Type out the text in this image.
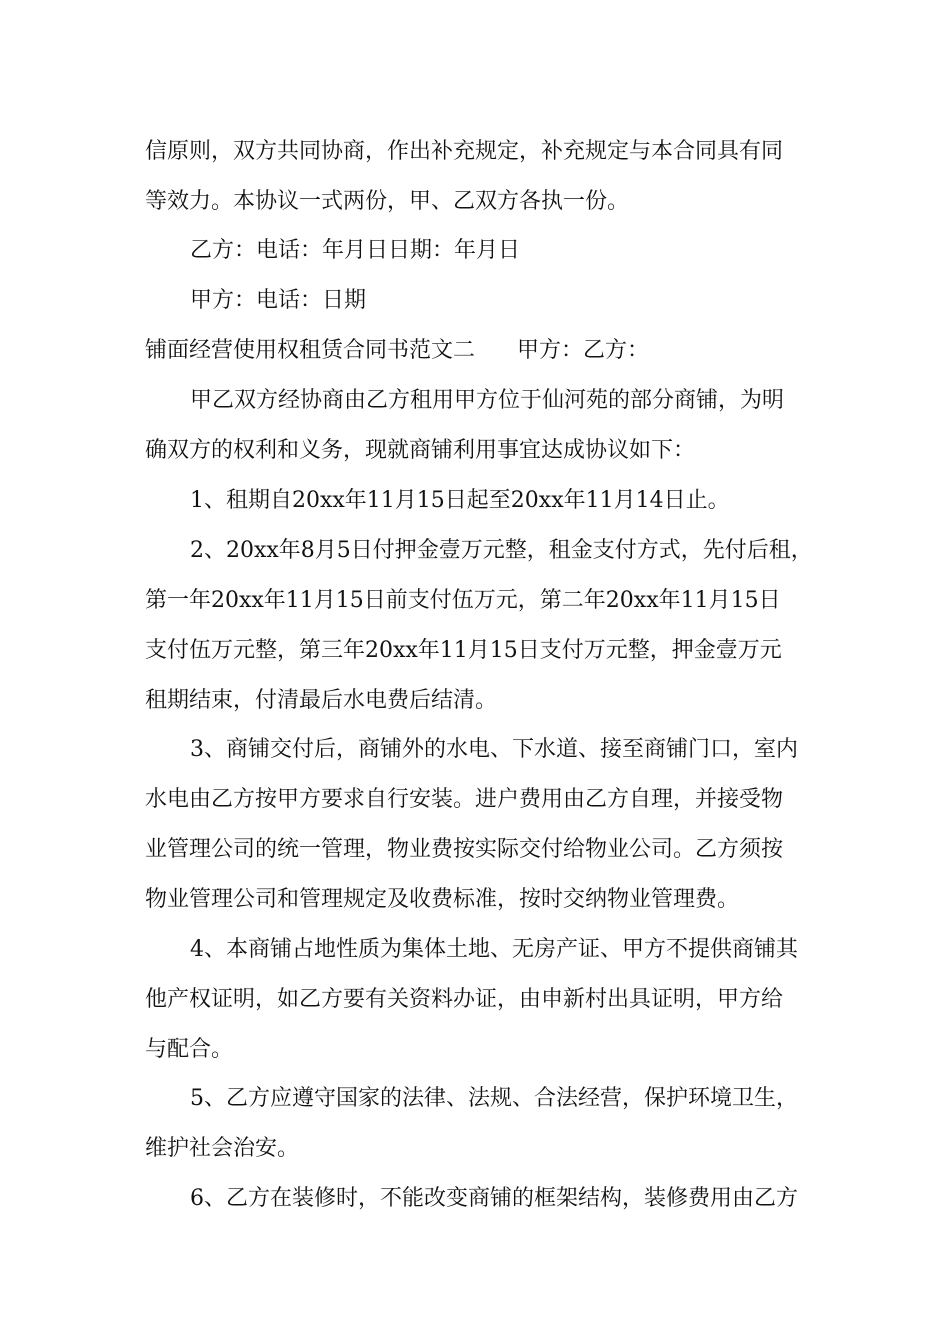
信原则，双方共同协商，作出补充规定，补充规定与本合同具有同
等效力。本协议一式两份，甲、乙双方各执一份。
乙方：电话：年月日日期：年月日
甲方：电话：日期
铺面经营使用权租赁合同书范文二 甲方：乙方：
甲乙双方经协商由乙方租用甲方位于仙河苑的部分商铺，为明
确双方的权利和义务，现就商铺利用事宜达成协议如下：
1、租期自20xx年11月15日起至20xx年11月14日止。
2、20xx年8月5日付押金壹万元整，租金支付方式，先付后租，
第一年20xx年11月15日前支付伍万元，第二年20xx年11月15日
支付伍万元整，第三年20xx年11月15日支付万元整，押金壹万元
租期结束，付清最后水电费后结清。
3、商铺交付后，商铺外的水电、下水道、接至商铺门口，室内
水电由乙方按甲方要求自行安装。进户费用由乙方自理，并接受物
业管理公司的统一管理，物业费按实际交付给物业公司。乙方须按
物业管理公司和管理规定及收费标准，按时交纳物业管理费。
4、本商铺占地性质为集体土地、无房产证、甲方不提供商铺其
他产权证明，如乙方要有关资料办证，由申新村出具证明，甲方给
与配合。
5、乙方应遵守国家的法律、法规、合法经营，保护环境卫生，
维护社会治安。
6、乙方在装修时，不能改变商铺的框架结构，装修费用由乙方
